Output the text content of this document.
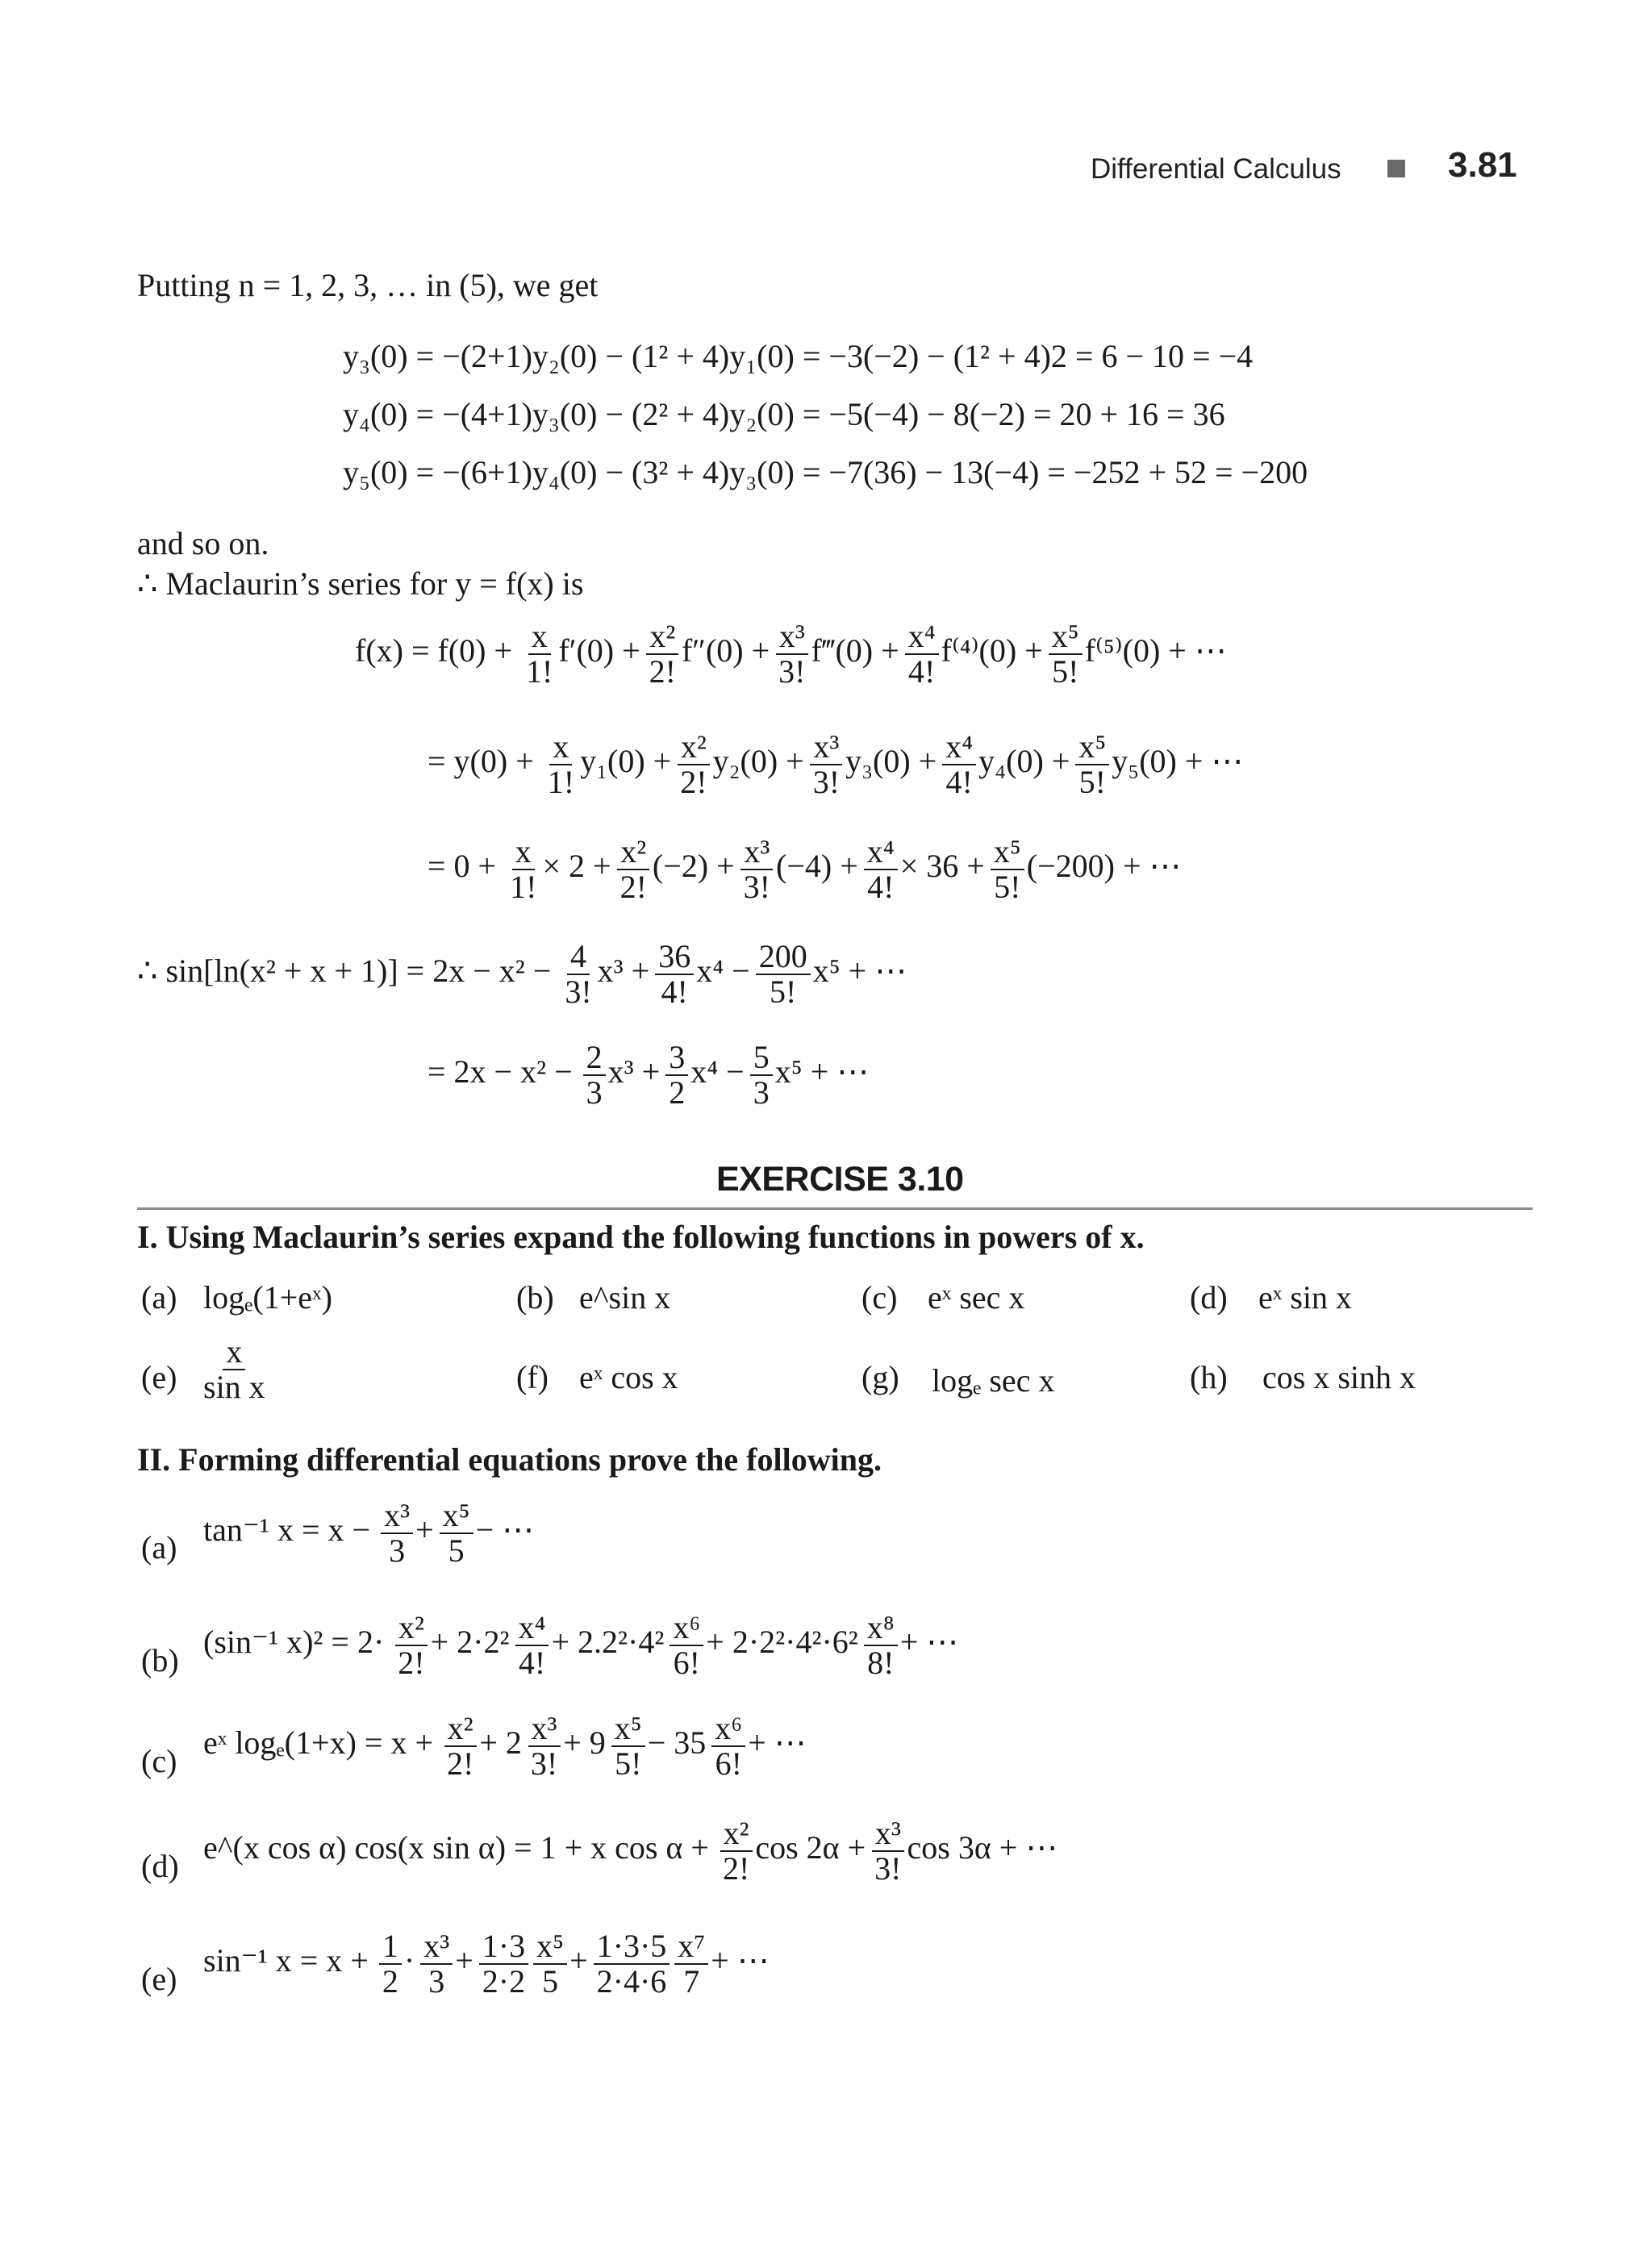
Differential Calculus	3.81
Putting n = 1, 2, 3, … in (5), we get
y₃(0) = −(2+1)y₂(0) − (1² + 4)y₁(0) = −3(−2) − (1² + 4)2 = 6 − 10 = −4
y₄(0) = −(4+1)y₃(0) − (2² + 4)y₂(0) = −5(−4) − 8(−2) = 20 + 16 = 36
y₅(0) = −(6+1)y₄(0) − (3² + 4)y₃(0) = −7(36) − 13(−4) = −252 + 52 = −200
and so on.
∴ Maclaurin’s series for y = f(x) is
$f(x) = f(0) + \frac{x}{1!} f'(0) + \frac{\text{x²}}{2!} f''(0) + \frac{\text{x³}}{3!}$ f‴(0) + $\frac{\text{x⁴}}{4!} f^{(4)}(0) + \frac{\text{x⁵}}{5!} f^{(5)}(0)$ + ⋯
= $y(0) + \frac{x}{1!} y_1(0) + \frac{\text{x²}}{2!} y_2(0) + \frac{\text{x³}}{3!} y_3(0) + \frac{\text{x⁴}}{4!} y_4(0) + \frac{\text{x⁵}}{5!} y_5(0)$ + ⋯
= $0 + \frac{x}{1!} \times 2 + \frac{\text{x²}}{2!} (-2) + \frac{\text{x³}}{3!} (-4) + \frac{\text{x⁴}}{4!} \times 36 + \frac{\text{x⁵}}{5!} (-200)$ + ⋯
∴ $\sin[\ln(x^2 + x + 1)] = 2x - x^2 - \frac{4}{3!} x^3 + \frac{36}{4!} x^4 - \frac{200}{5!} x^5$ + ⋯
= $2x - x^2 - \frac{2}{3} x^3 + \frac{3}{2} x^4 - \frac{5}{3} x^5$ + ⋯
EXERCISE 3.10
I. Using Maclaurin’s series expand the following functions in powers of x.
(a) logₑ(1+eˣ)	(b) e^sin x	(c) eˣ sec x	(d) eˣ sin x
$(e) \frac{x}{\text{sin x}}$	(f) eˣ cos x	(g) logₑ sec x	(h) cos x sinh x
II. Forming differential equations prove the following.
(a) tan⁻¹ $x = x - \frac{\text{x³}}{3} + \frac{\text{x⁵}}{5}$ − ⋯
(b)
(sin⁻¹ $x)^2 = 2\cdot \frac{\text{x²}}{2!} + 2\cdot 2^2 \frac{\text{x⁴}}{4!} + 2.2^2\cdot 4^2 \frac{\text{x⁶}}{6!} + 2\cdot 2^2\cdot 4^2\cdot 6^2 \frac{\text{x⁸}}{8!}$ + ⋯
(c)
eˣ $\log_e(1+x) = x + \frac{\text{x²}}{2!} + 2 \frac{\text{x³}}{3!} + 9 \frac{\text{x⁵}}{5!} - 35 \frac{\text{x⁶}}{6!}$ + ⋯
(d)
e^(x cos α) cos(x sin α) = 1 + x $\cos \alpha + \frac{\text{x²}}{2!}$ $\cos 2\alpha + \frac{\text{x³}}{3!}$ cos 3α + ⋯
(e)
sin⁻¹ $x = x + \frac{1}{2} \cdot \frac{\text{x³}}{3} + \frac{1\cdot 3}{2\cdot 2} \frac{\text{x⁵}}{5} + \frac{1\cdot 3\cdot 5}{2\cdot 4\cdot 6} \frac{\text{x⁷}}{7}$ + ⋯
